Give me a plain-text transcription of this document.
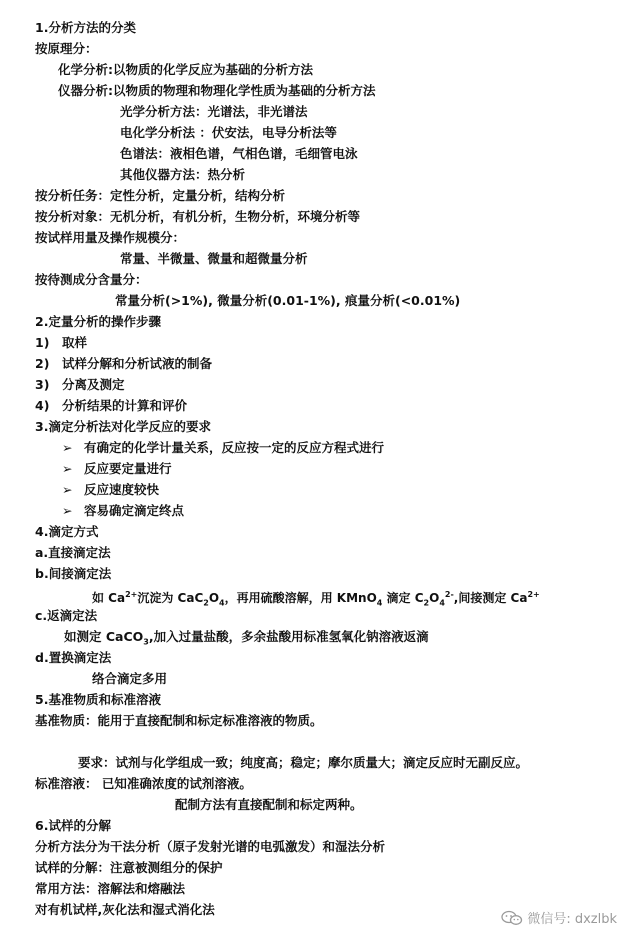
1.分析方法的分类
按原理分：
化学分析:以物质的化学反应为基础的分析方法
仪器分析:以物质的物理和物理化学性质为基础的分析方法
光学分析方法：光谱法，非光谱法
电化学分析法 ：伏安法，电导分析法等
色谱法：液相色谱，气相色谱，毛细管电泳
其他仪器方法：热分析
按分析任务：定性分析，定量分析，结构分析
按分析对象：无机分析，有机分析，生物分析，环境分析等
按试样用量及操作规模分：
常量、半微量、微量和超微量分析
按待测成分含量分：
常量分析(>1%), 微量分析(0.01-1%), 痕量分析(<0.01%)
2.定量分析的操作步骤
1) 取样
2) 试样分解和分析试液的制备
3) 分离及测定
4) 分析结果的计算和评价
3.滴定分析法对化学反应的要求
➢ 有确定的化学计量关系，反应按一定的反应方程式进行
➢ 反应要定量进行
➢ 反应速度较快
➢ 容易确定滴定终点
4.滴定方式
a.直接滴定法
b.间接滴定法
如 $Ca^{2+}$沉淀为 $CaC_2O_4$，再用硫酸溶解，用 KMnO$_4$ 滴定 $C_2O_4^{2-}$,间接测定 $Ca^{2+}$
c.返滴定法
如测定 CaCO$_3$,加入过量盐酸，多余盐酸用标准氢氧化钠溶液返滴
d.置换滴定法
络合滴定多用
5.基准物质和标准溶液
基准物质：能用于直接配制和标定标准溶液的物质。
要求：试剂与化学组成一致；纯度高；稳定；摩尔质量大；滴定反应时无副反应。
标准溶液： 已知准确浓度的试剂溶液。
配制方法有直接配制和标定两种。
6.试样的分解
分析方法分为干法分析（原子发射光谱的电弧激发）和湿法分析
试样的分解：注意被测组分的保护
常用方法：溶解法和熔融法
对有机试样,灰化法和湿式消化法
微信号: dxzlbk
